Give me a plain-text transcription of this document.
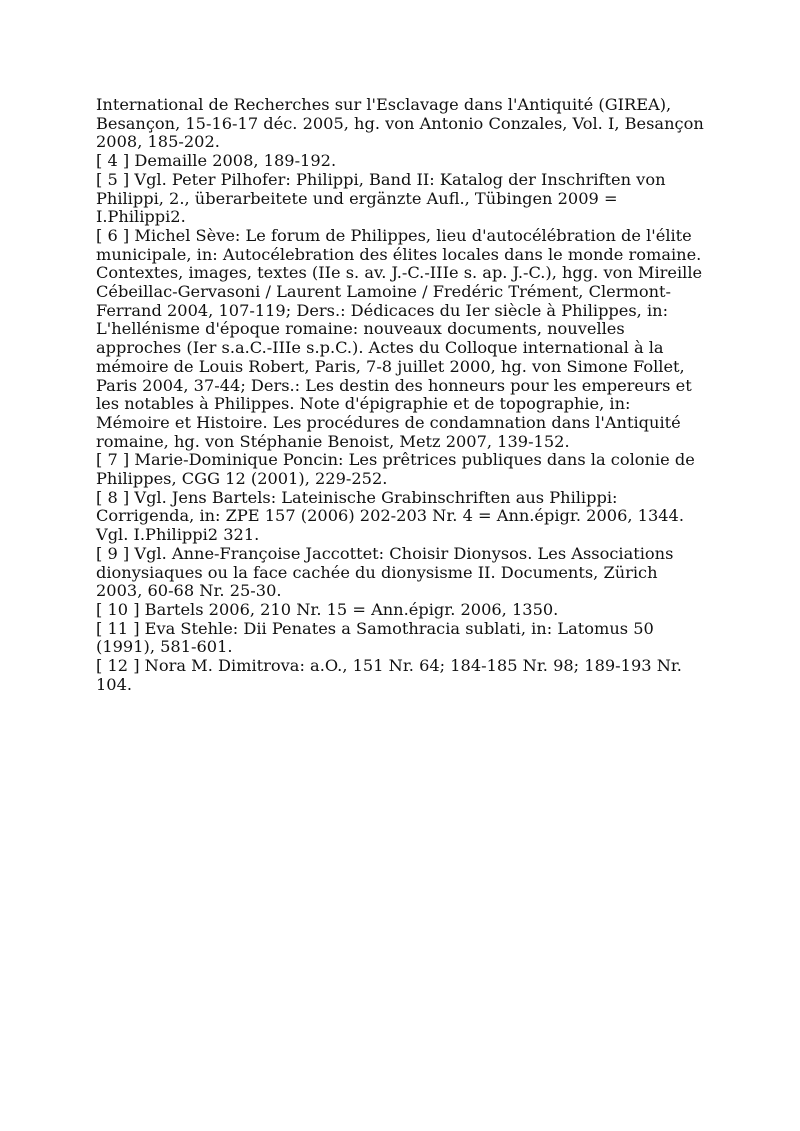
International de Recherches sur l'Esclavage dans l'Antiquité (GIREA),
Besançon, 15-16-17 déc. 2005, hg. von Antonio Conzales, Vol. I, Besançon
2008, 185-202.

[ 4 ] Demaille 2008, 189-192.

[ 5 ] Vgl. Peter Pilhofer: Philippi, Band II: Katalog der Inschriften von
Philippi, 2., überarbeitete und ergänzte Aufl., Tübingen 2009 =
I.Philippi2.

[ 6 ] Michel Sève: Le forum de Philippes, lieu d'autocélébration de l'élite
municipale, in: Autocélebration des élites locales dans le monde romaine.
Contextes, images, textes (IIe s. av. J.-C.-IIIe s. ap. J.-C.), hgg. von Mireille
Cébeillac-Gervasoni / Laurent Lamoine / Fredéric Trément, Clermont-
Ferrand 2004, 107-119; Ders.: Dédicaces du Ier siècle à Philippes, in:
L'hellénisme d'époque romaine: nouveaux documents, nouvelles
approches (Ier s.a.C.-IIIe s.p.C.). Actes du Colloque international à la
mémoire de Louis Robert, Paris, 7-8 juillet 2000, hg. von Simone Follet,
Paris 2004, 37-44; Ders.: Les destin des honneurs pour les empereurs et
les notables à Philippes. Note d'épigraphie et de topographie, in:
Mémoire et Histoire. Les procédures de condamnation dans l'Antiquité
romaine, hg. von Stéphanie Benoist, Metz 2007, 139-152.

[ 7 ] Marie-Dominique Poncin: Les prêtrices publiques dans la colonie de
Philippes, CGG 12 (2001), 229-252.

[ 8 ] Vgl. Jens Bartels: Lateinische Grabinschriften aus Philippi:
Corrigenda, in: ZPE 157 (2006) 202-203 Nr. 4 = Ann.épigr. 2006, 1344.
Vgl. I.Philippi2 321.

[ 9 ] Vgl. Anne-Françoise Jaccottet: Choisir Dionysos. Les Associations
dionysiaques ou la face cachée du dionysisme II. Documents, Zürich
2003, 60-68 Nr. 25-30.

[ 10 ] Bartels 2006, 210 Nr. 15 = Ann.épigr. 2006, 1350.

[ 11 ] Eva Stehle: Dii Penates a Samothracia sublati, in: Latomus 50
(1991), 581-601.

[ 12 ] Nora M. Dimitrova: a.O., 151 Nr. 64; 184-185 Nr. 98; 189-193 Nr.
104.
